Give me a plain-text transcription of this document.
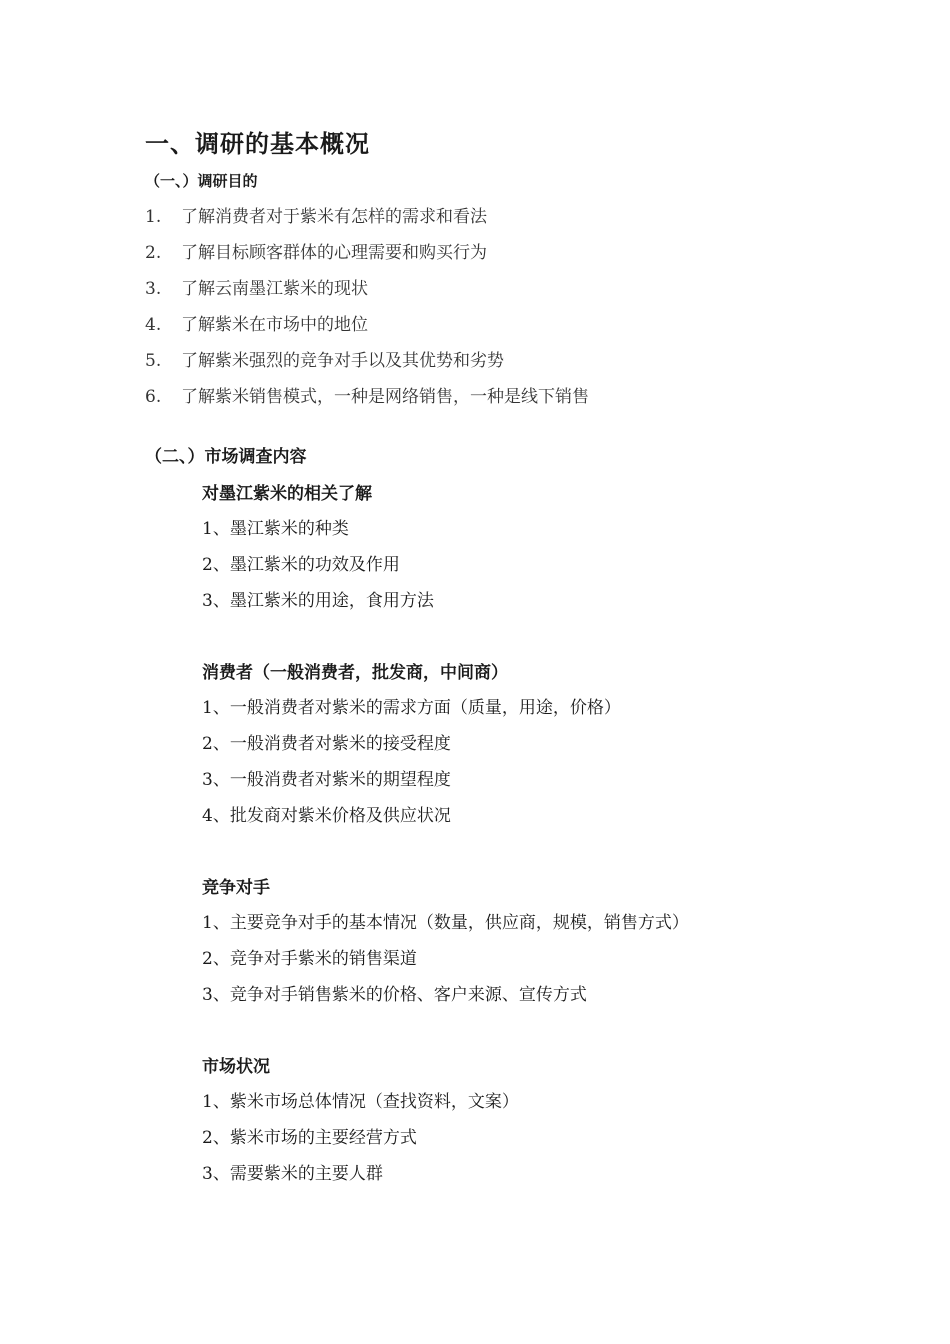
一、调研的基本概况
（一、）调研目的
1. 了解消费者对于紫米有怎样的需求和看法
2. 了解目标顾客群体的心理需要和购买行为
3. 了解云南墨江紫米的现状
4. 了解紫米在市场中的地位
5. 了解紫米强烈的竞争对手以及其优势和劣势
6. 了解紫米销售模式，一种是网络销售，一种是线下销售
（二、）市场调查内容
对墨江紫米的相关了解
1、墨江紫米的种类
2、墨江紫米的功效及作用
3、墨江紫米的用途，食用方法
消费者（一般消费者，批发商，中间商）
1、一般消费者对紫米的需求方面（质量，用途，价格）
2、一般消费者对紫米的接受程度
3、一般消费者对紫米的期望程度
4、批发商对紫米价格及供应状况
竞争对手
1、主要竞争对手的基本情况（数量，供应商，规模，销售方式）
2、竞争对手紫米的销售渠道
3、竞争对手销售紫米的价格、客户来源、宣传方式
市场状况
1、紫米市场总体情况（查找资料，文案）
2、紫米市场的主要经营方式
3、需要紫米的主要人群
